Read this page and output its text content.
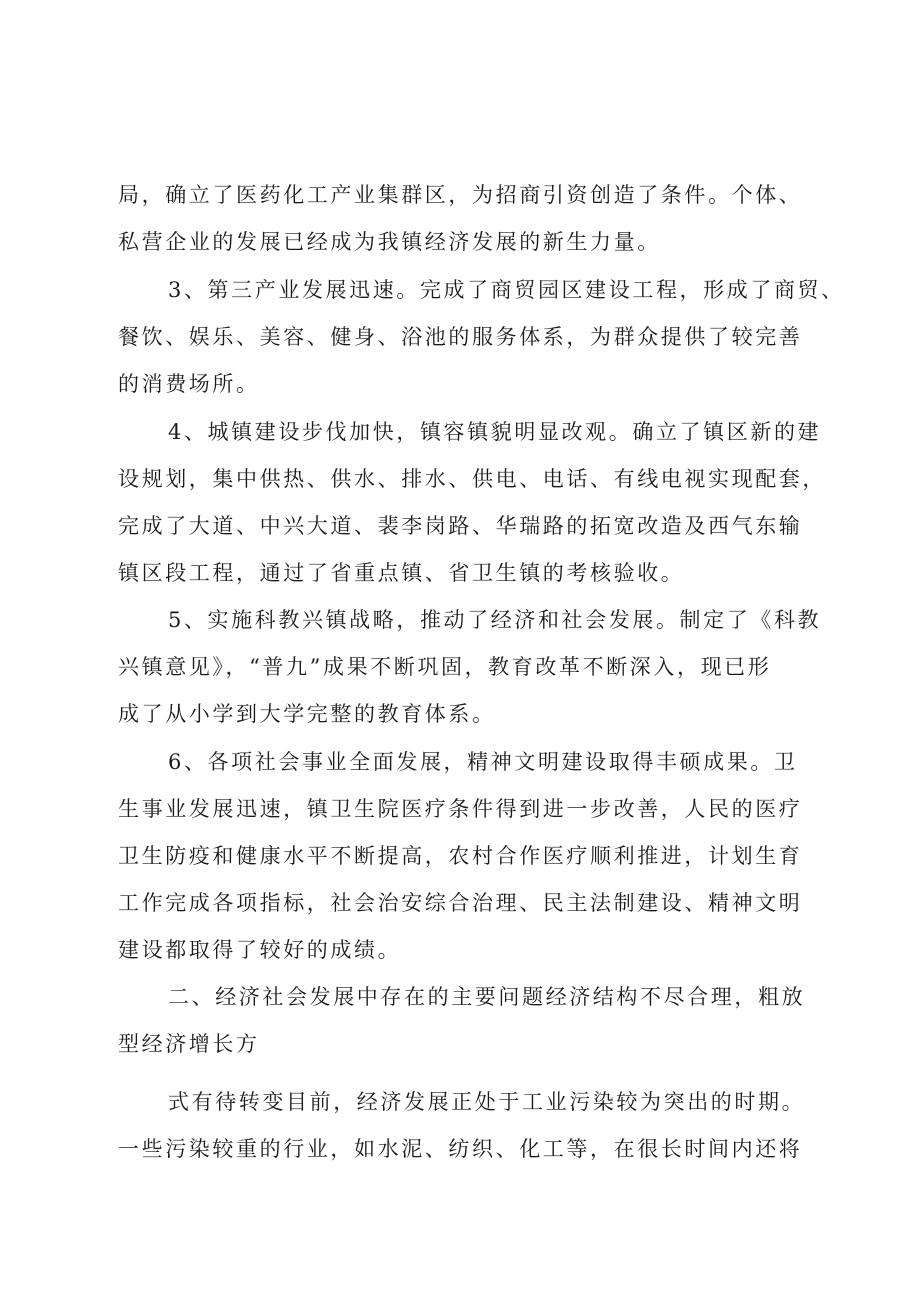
局，确立了医药化工产业集群区，为招商引资创造了条件。个体、
私营企业的发展已经成为我镇经济发展的新生力量。
3、第三产业发展迅速。完成了商贸园区建设工程，形成了商贸、
餐饮、娱乐、美容、健身、浴池的服务体系，为群众提供了较完善
的消费场所。
4、城镇建设步伐加快，镇容镇貌明显改观。确立了镇区新的建
设规划，集中供热、供水、排水、供电、电话、有线电视实现配套，
完成了大道、中兴大道、裴李岗路、华瑞路的拓宽改造及西气东输
镇区段工程，通过了省重点镇、省卫生镇的考核验收。
5、实施科教兴镇战略，推动了经济和社会发展。制定了《科教
兴镇意见》，“普九”成果不断巩固，教育改革不断深入，现已形
成了从小学到大学完整的教育体系。
6、各项社会事业全面发展，精神文明建设取得丰硕成果。卫
生事业发展迅速，镇卫生院医疗条件得到进一步改善，人民的医疗
卫生防疫和健康水平不断提高，农村合作医疗顺利推进，计划生育
工作完成各项指标，社会治安综合治理、民主法制建设、精神文明
建设都取得了较好的成绩。
二、经济社会发展中存在的主要问题经济结构不尽合理，粗放
型经济增长方
式有待转变目前，经济发展正处于工业污染较为突出的时期。
一些污染较重的行业，如水泥、纺织、化工等，在很长时间内还将
